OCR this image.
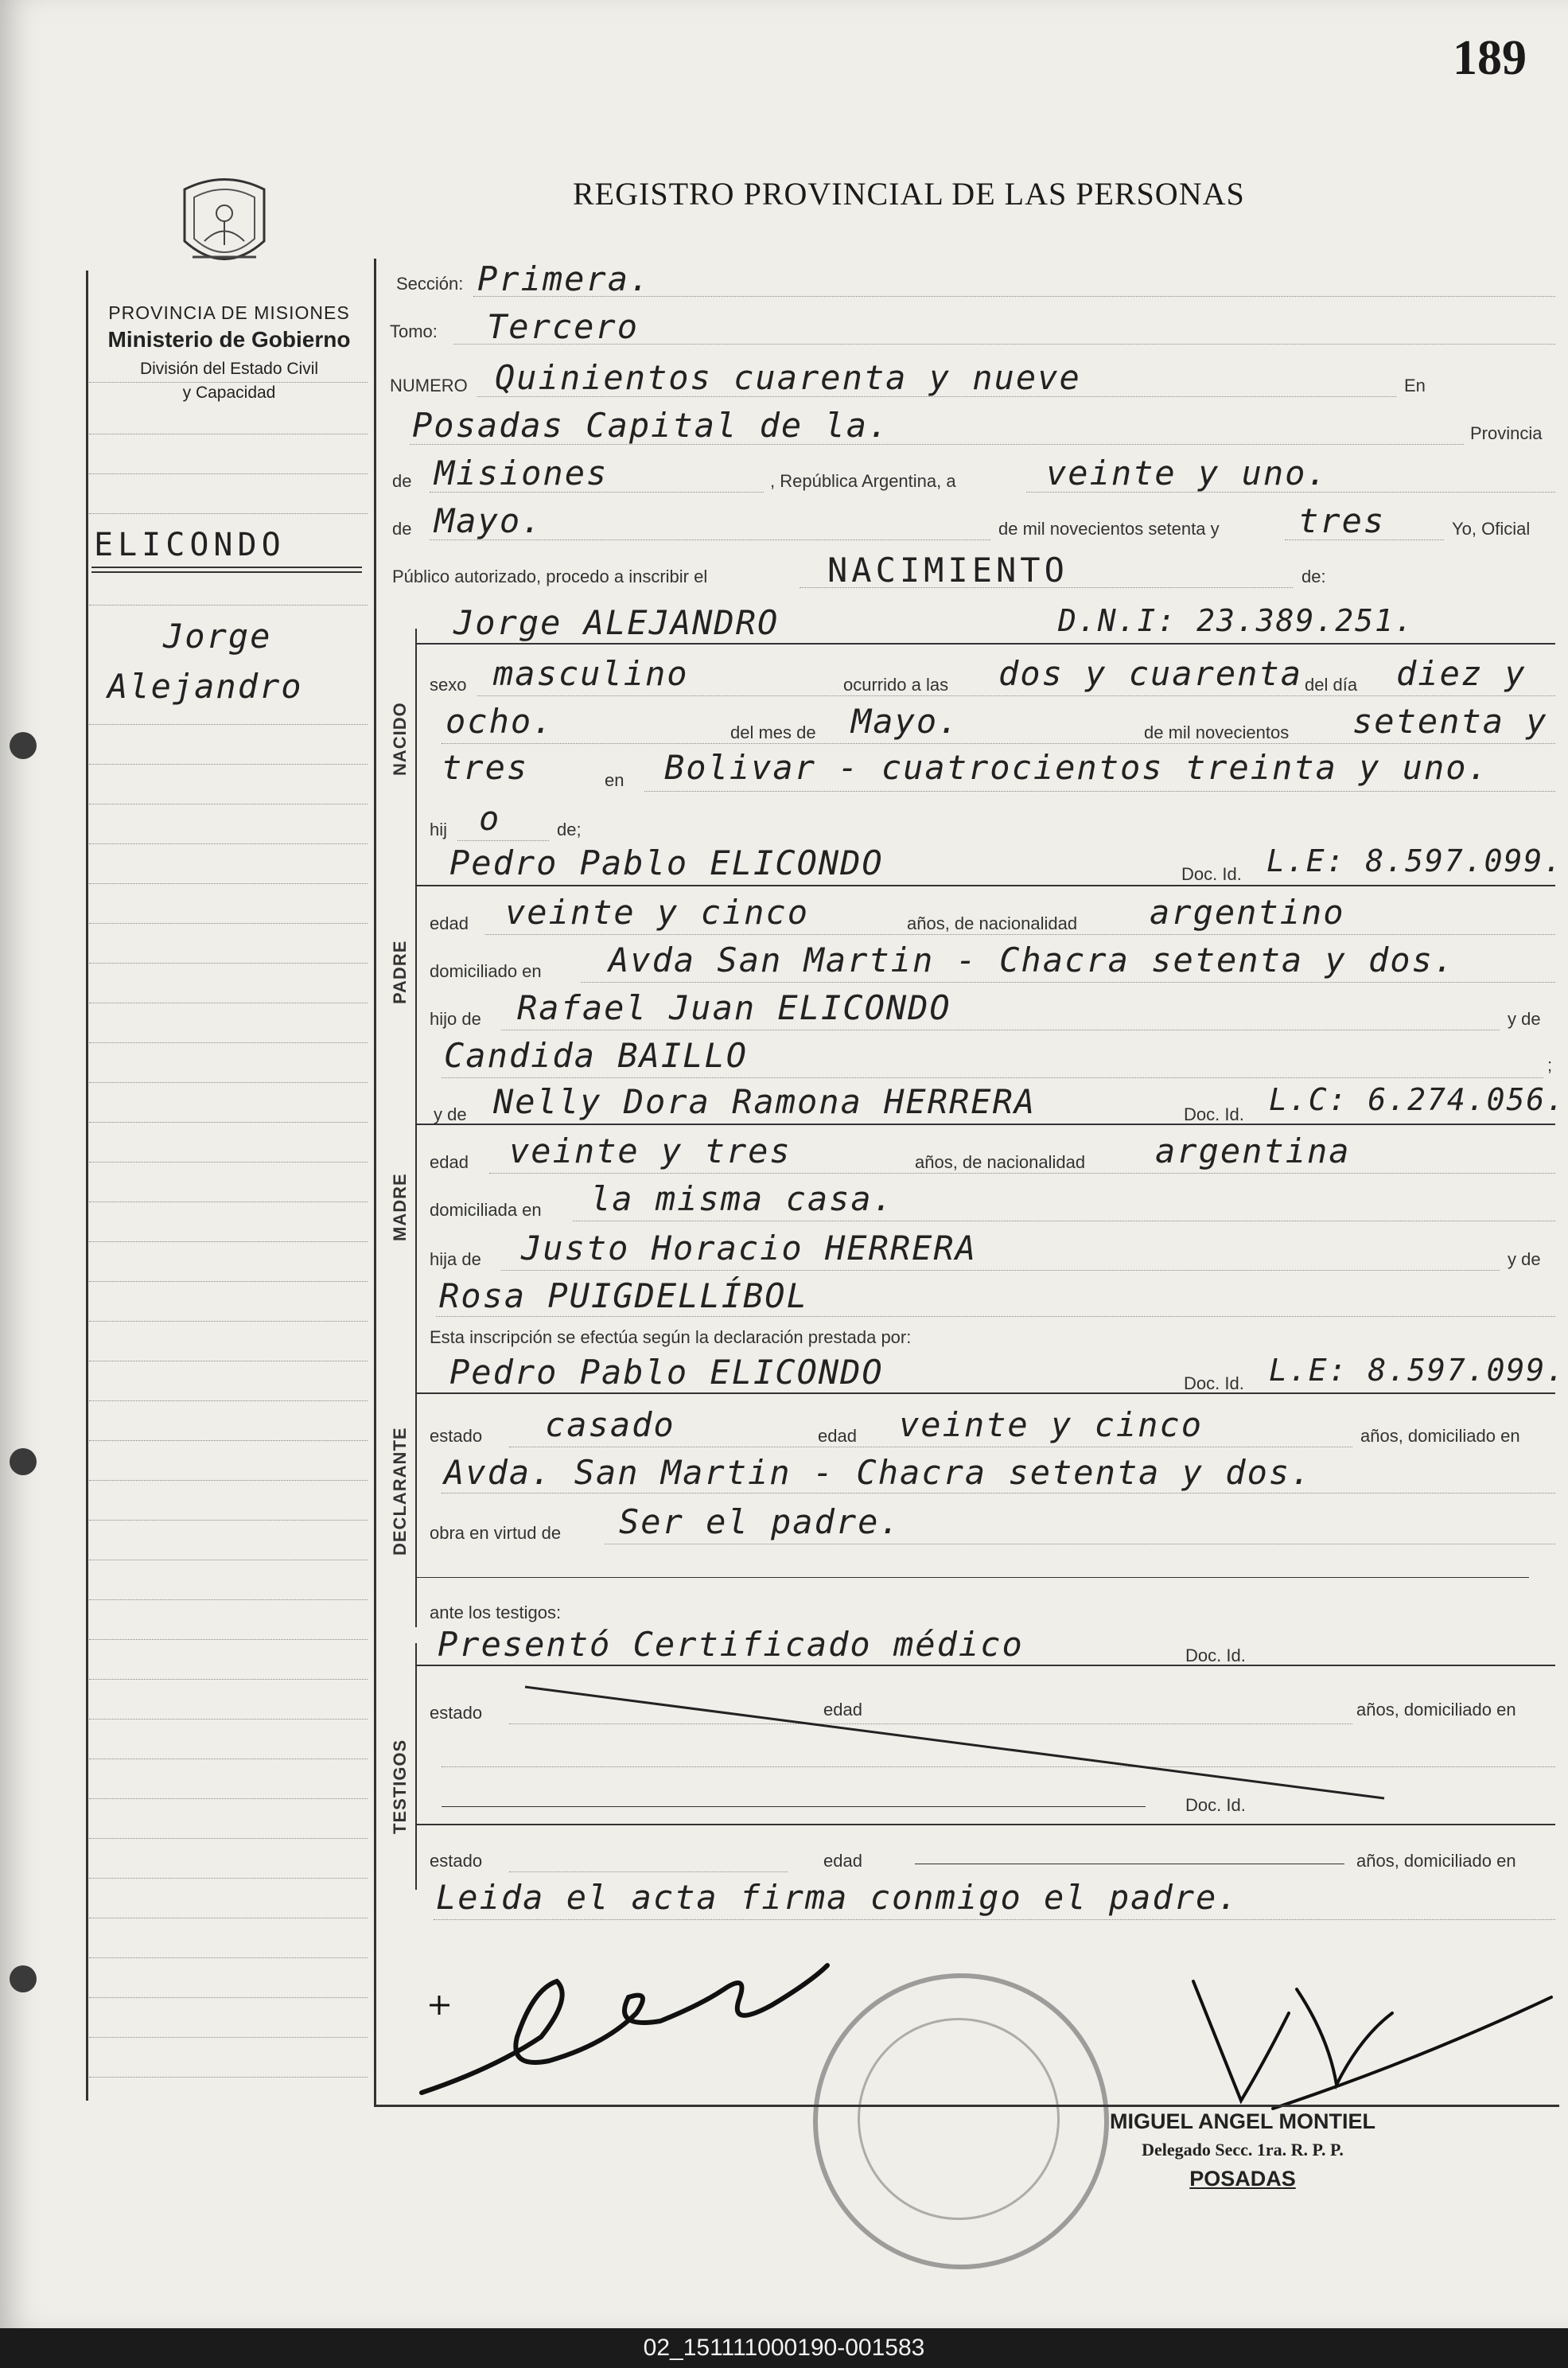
189
REGISTRO PROVINCIAL DE LAS PERSONAS
PROVINCIA DE MISIONES
Ministerio de Gobierno
División del Estado Civil
y Capacidad
ELICONDO
Jorge
Alejandro
Sección: Primera.
Tomo: Tercero
NUMERO Quinientos cuarenta y nueve	En
Posadas Capital de la.	Provincia
de Misiones	, República Argentina, a	veinte y uno.
de Mayo.	de mil novecientos setenta y tres	Yo, Oficial
Público autorizado, procedo a inscribir el	NACIMIENTO	de:
NACIDO
Jorge ALEJANDRO	D.N.I: 23.389.251.
sexo masculino	ocurrido a las dos y cuarenta del día diez y
ocho.	del mes de Mayo.	de mil novecientos setenta y
tres	en Bolivar - cuatrocientos treinta y uno.
hij o	de;
PADRE
Pedro Pablo ELICONDO	Doc. Id. L.E: 8.597.099.
edad veinte y cinco	años, de nacionalidad argentino
domiciliado en Avda San Martin - Chacra setenta y dos.
hijo de Rafael Juan ELICONDO	y de
Candida BAILLO	;
MADRE
y de Nelly Dora Ramona HERRERA	Doc. Id. L.C: 6.274.056.
edad veinte y tres	años, de nacionalidad argentina
domiciliada en la misma casa.
hija de Justo Horacio HERRERA	y de
Rosa PUIGDELLÍBOL
DECLARANTE
Esta inscripción se efectúa según la declaración prestada por:
Pedro Pablo ELICONDO	Doc. Id. L.E: 8.597.099.
estado casado	edad veinte y cinco	años, domiciliado en
Avda. San Martin - Chacra setenta y dos.
obra en virtud de Ser el padre.
TESTIGOS
ante los testigos:
Presentó Certificado médico	Doc. Id.
estado	edad	años, domiciliado en
Doc. Id.
estado	edad	años, domiciliado en
Leida el acta firma conmigo el padre.
MIGUEL ANGEL MONTIEL
Delegado Secc. 1ra. R. P. P.
POSADAS
02_151111000190-001583
